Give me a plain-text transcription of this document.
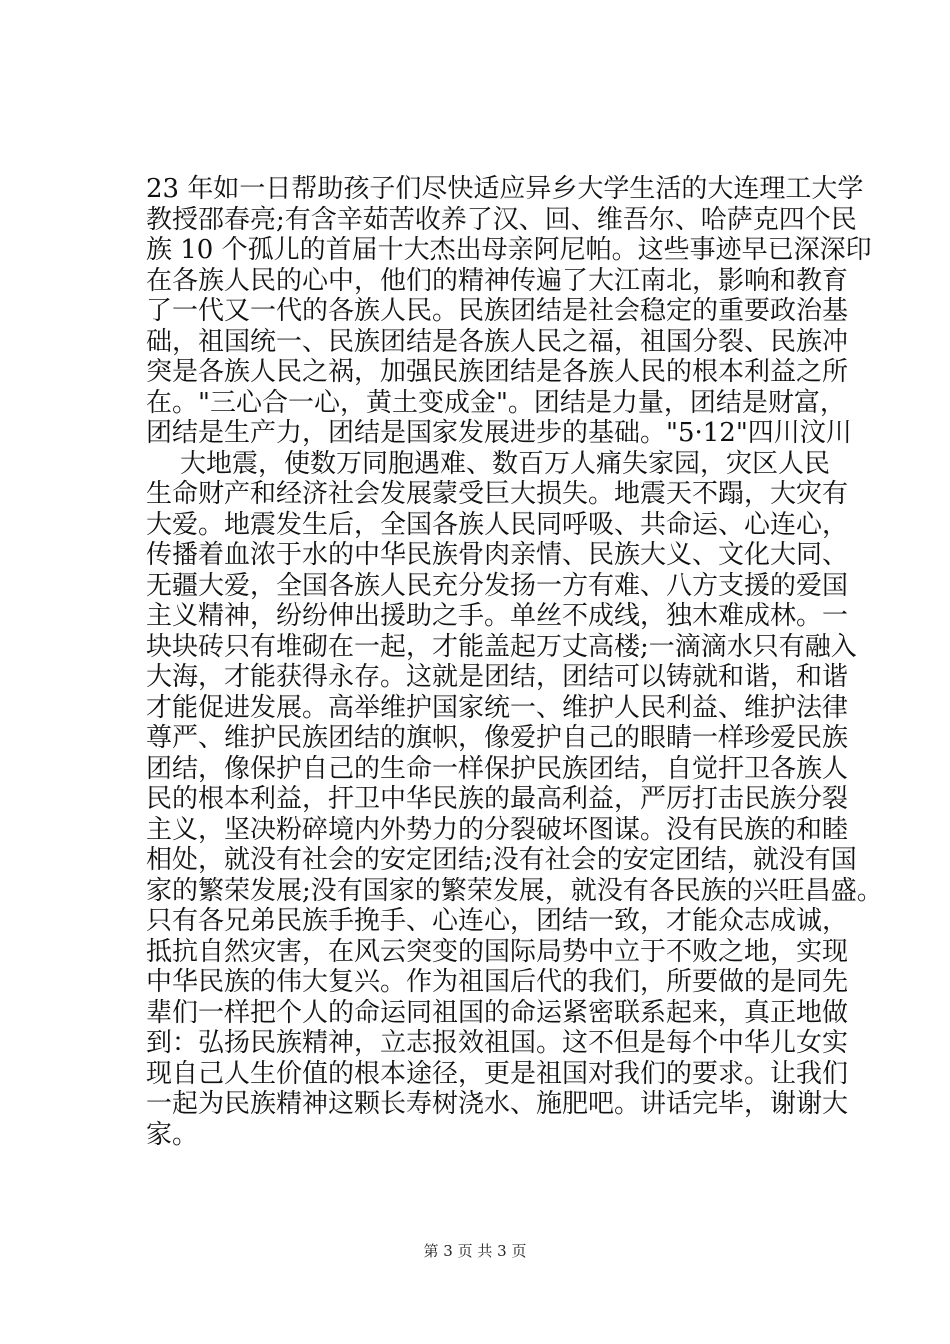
23 年如一日帮助孩子们尽快适应异乡大学生活的大连理工大学
教授邵春亮;有含辛茹苦收养了汉、回、维吾尔、哈萨克四个民
族 10 个孤儿的首届十大杰出母亲阿尼帕。这些事迹早已深深印
在各族人民的心中，他们的精神传遍了大江南北，影响和教育
了一代又一代的各族人民。民族团结是社会稳定的重要政治基
础，祖国统一、民族团结是各族人民之福，祖国分裂、民族冲
突是各族人民之祸，加强民族团结是各族人民的根本利益之所
在。"三心合一心，黄土变成金"。团结是力量，团结是财富，
团结是生产力，团结是国家发展进步的基础。"5·12"四川汶川
大地震，使数万同胞遇难、数百万人痛失家园，灾区人民
生命财产和经济社会发展蒙受巨大损失。地震天不蹋，大灾有
大爱。地震发生后，全国各族人民同呼吸、共命运、心连心，
传播着血浓于水的中华民族骨肉亲情、民族大义、文化大同、
无疆大爱，全国各族人民充分发扬一方有难、八方支援的爱国
主义精神，纷纷伸出援助之手。单丝不成线，独木难成林。一
块块砖只有堆砌在一起，才能盖起万丈高楼;一滴滴水只有融入
大海，才能获得永存。这就是团结，团结可以铸就和谐，和谐
才能促进发展。高举维护国家统一、维护人民利益、维护法律
尊严、维护民族团结的旗帜，像爱护自己的眼睛一样珍爱民族
团结，像保护自己的生命一样保护民族团结，自觉扞卫各族人
民的根本利益，扞卫中华民族的最高利益，严厉打击民族分裂
主义，坚决粉碎境内外势力的分裂破坏图谋。没有民族的和睦
相处，就没有社会的安定团结;没有社会的安定团结，就没有国
家的繁荣发展;没有国家的繁荣发展，就没有各民族的兴旺昌盛。
只有各兄弟民族手挽手、心连心，团结一致，才能众志成诚，
抵抗自然灾害，在风云突变的国际局势中立于不败之地，实现
中华民族的伟大复兴。作为祖国后代的我们，所要做的是同先
辈们一样把个人的命运同祖国的命运紧密联系起来，真正地做
到：弘扬民族精神，立志报效祖国。这不但是每个中华儿女实
现自己人生价值的根本途径，更是祖国对我们的要求。让我们
一起为民族精神这颗长寿树浇水、施肥吧。讲话完毕，谢谢大
家。
第 3 页 共 3 页
